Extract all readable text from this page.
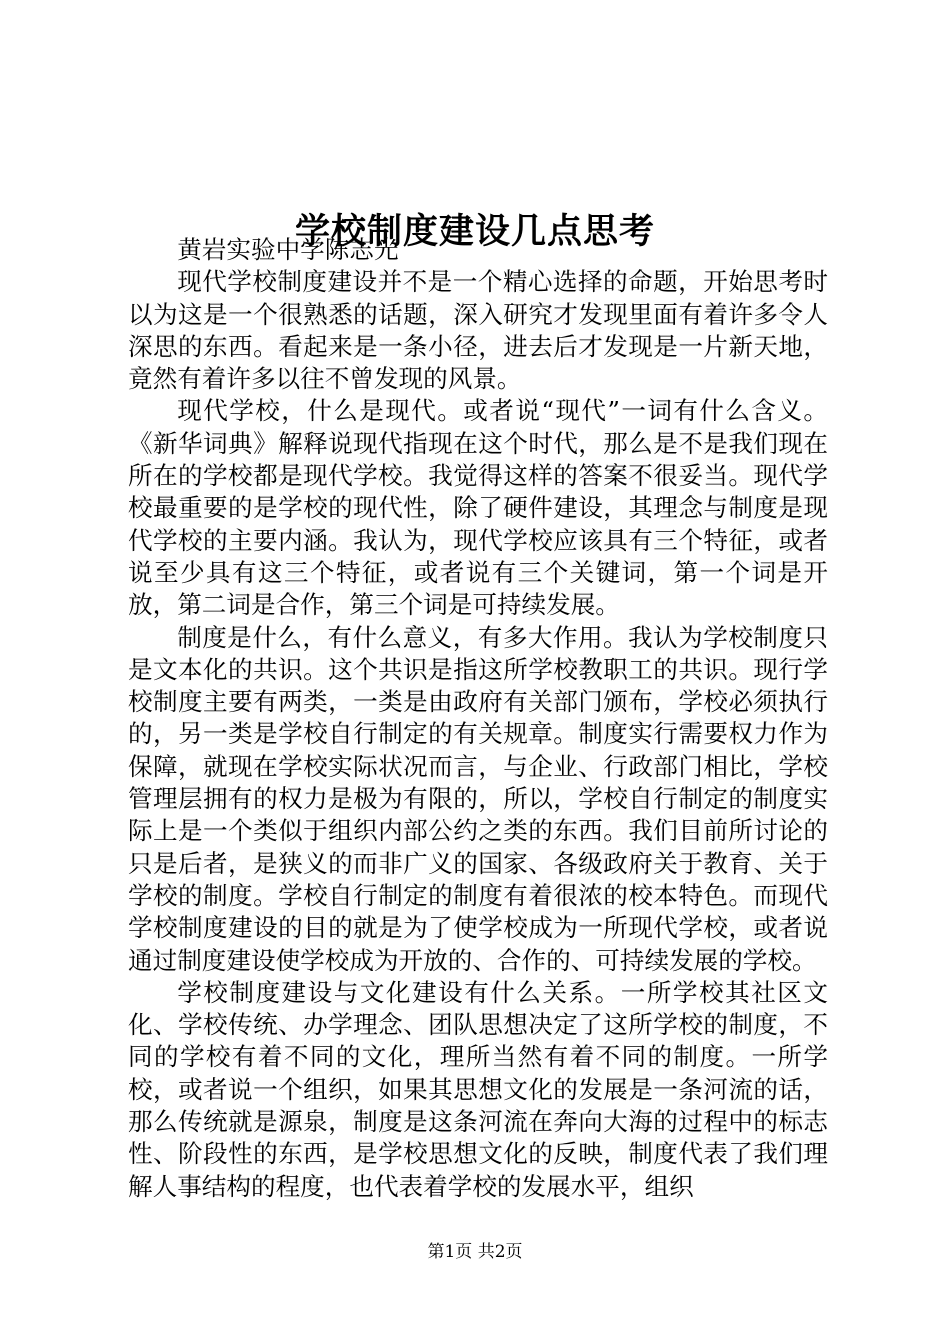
学校制度建设几点思考

黄岩实验中学陈志光

现代学校制度建设并不是一个精心选择的命题，开始思考时以为这是一个很熟悉的话题，深入研究才发现里面有着许多令人深思的东西。看起来是一条小径，进去后才发现是一片新天地，竟然有着许多以往不曾发现的风景。

现代学校，什么是现代。或者说“现代”一词有什么含义。《新华词典》解释说现代指现在这个时代，那么是不是我们现在所在的学校都是现代学校。我觉得这样的答案不很妥当。现代学校最重要的是学校的现代性，除了硬件建设，其理念与制度是现代学校的主要内涵。我认为，现代学校应该具有三个特征，或者说至少具有这三个特征，或者说有三个关键词，第一个词是开放，第二词是合作，第三个词是可持续发展。

制度是什么，有什么意义，有多大作用。我认为学校制度只是文本化的共识。这个共识是指这所学校教职工的共识。现行学校制度主要有两类，一类是由政府有关部门颁布，学校必须执行的，另一类是学校自行制定的有关规章。制度实行需要权力作为保障，就现在学校实际状况而言，与企业、行政部门相比，学校管理层拥有的权力是极为有限的，所以，学校自行制定的制度实际上是一个类似于组织内部公约之类的东西。我们目前所讨论的只是后者，是狭义的而非广义的国家、各级政府关于教育、关于学校的制度。学校自行制定的制度有着很浓的校本特色。而现代学校制度建设的目的就是为了使学校成为一所现代学校，或者说通过制度建设使学校成为开放的、合作的、可持续发展的学校。

学校制度建设与文化建设有什么关系。一所学校其社区文化、学校传统、办学理念、团队思想决定了这所学校的制度，不同的学校有着不同的文化，理所当然有着不同的制度。一所学校，或者说一个组织，如果其思想文化的发展是一条河流的话，那么传统就是源泉，制度是这条河流在奔向大海的过程中的标志性、阶段性的东西，是学校思想文化的反映，制度代表了我们理解人事结构的程度，也代表着学校的发展水平，组织

第1页 共2页
